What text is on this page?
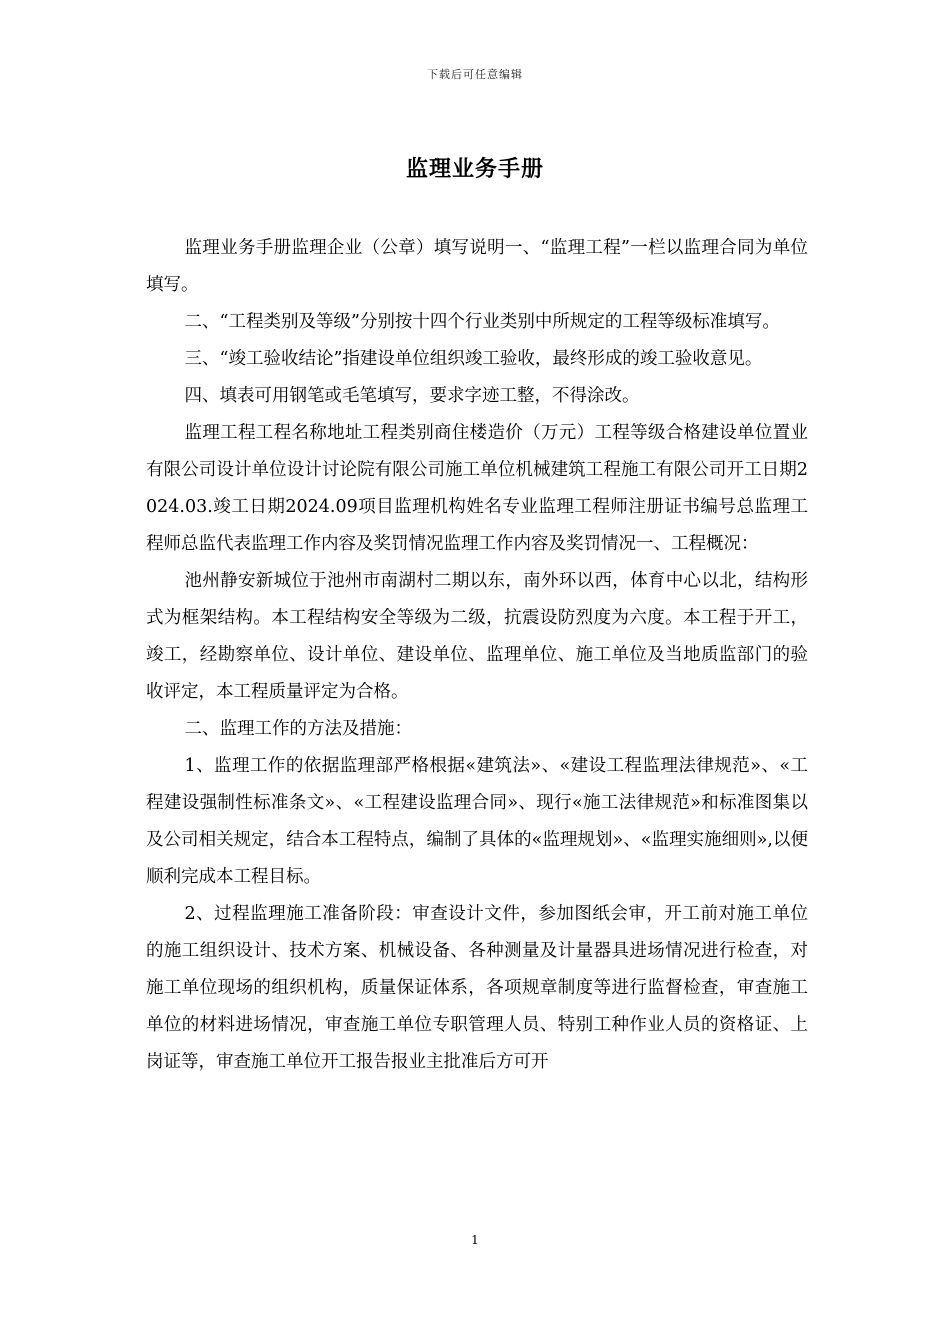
下载后可任意编辑
监理业务手册

监理业务手册监理企业（公章）填写说明一、“监理工程”一栏以监理合同为单位填写。

二、“工程类别及等级”分别按十四个行业类别中所规定的工程等级标准填写。

三、“竣工验收结论”指建设单位组织竣工验收，最终形成的竣工验收意见。

四、填表可用钢笔或毛笔填写，要求字迹工整，不得涂改。

监理工程工程名称地址工程类别商住楼造价（万元）工程等级合格建设单位置业有限公司设计单位设计讨论院有限公司施工单位机械建筑工程施工有限公司开工日期2024.03.竣工日期2024.09项目监理机构姓名专业监理工程师注册证书编号总监理工程师总监代表监理工作内容及奖罚情况监理工作内容及奖罚情况一、工程概况：

池州静安新城位于池州市南湖村二期以东，南外环以西，体育中心以北，结构形式为框架结构。本工程结构安全等级为二级，抗震设防烈度为六度。本工程于开工，竣工，经勘察单位、设计单位、建设单位、监理单位、施工单位及当地质监部门的验收评定，本工程质量评定为合格。

二、监理工作的方法及措施：

1、监理工作的依据监理部严格根据«建筑法»、«建设工程监理法律规范»、«工程建设强制性标准条文»、«工程建设监理合同»、现行«施工法律规范»和标准图集以及公司相关规定，结合本工程特点，编制了具体的«监理规划»、«监理实施细则»,以便顺利完成本工程目标。

2、过程监理施工准备阶段：审查设计文件，参加图纸会审，开工前对施工单位的施工组织设计、技术方案、机械设备、各种测量及计量器具进场情况进行检查，对施工单位现场的组织机构，质量保证体系，各项规章制度等进行监督检查，审查施工单位的材料进场情况，审查施工单位专职管理人员、特别工种作业人员的资格证、上岗证等，审查施工单位开工报告报业主批准后方可开

1
